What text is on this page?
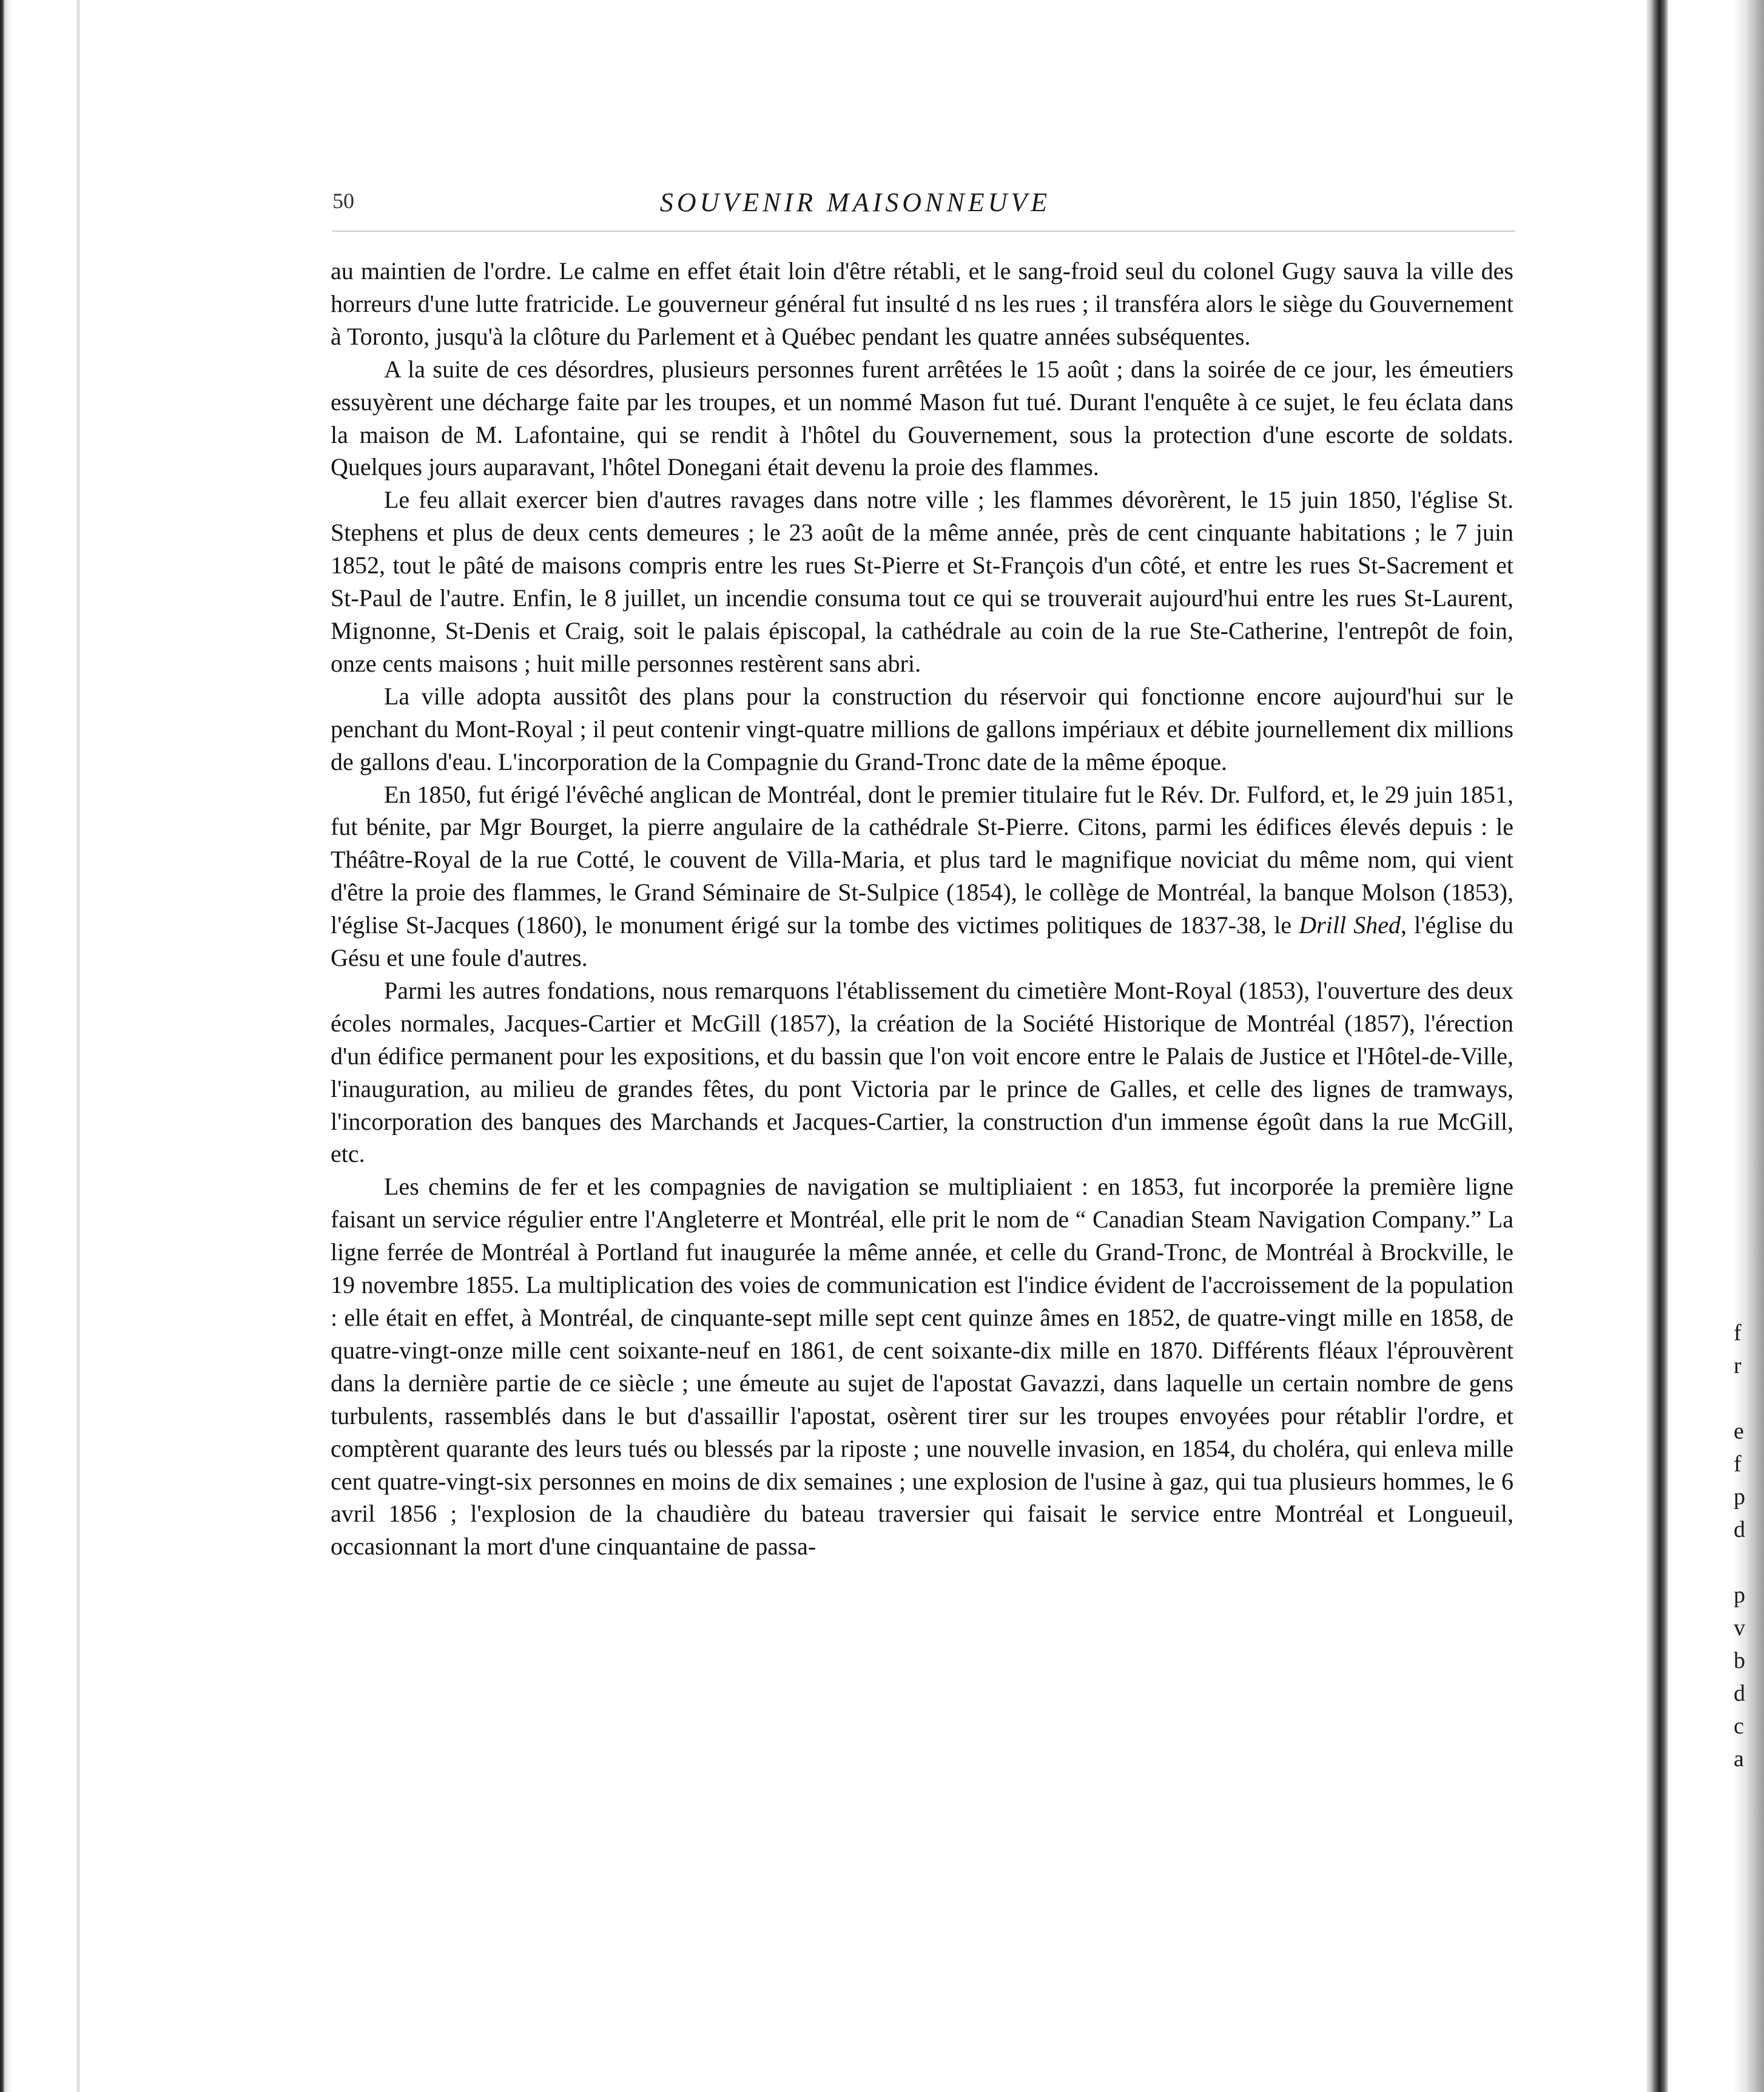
50	SOUVENIR MAISONNEUVE

au maintien de l'ordre. Le calme en effet était loin d'être rétabli, et le sang-froid seul du colonel Gugy sauva la ville des horreurs d'une lutte fratricide. Le gouverneur général fut insulté d ns les rues ; il transféra alors le siège du Gouvernement à Toronto, jusqu'à la clôture du Parlement et à Québec pendant les quatre années subséquentes.

A la suite de ces désordres, plusieurs personnes furent arrêtées le 15 août ; dans la soirée de ce jour, les émeutiers essuyèrent une décharge faite par les troupes, et un nommé Mason fut tué. Durant l'enquête à ce sujet, le feu éclata dans la maison de M. Lafontaine, qui se rendit à l'hôtel du Gouvernement, sous la protection d'une escorte de soldats. Quelques jours auparavant, l'hôtel Donegani était devenu la proie des flammes.

Le feu allait exercer bien d'autres ravages dans notre ville ; les flammes dévorèrent, le 15 juin 1850, l'église St. Stephens et plus de deux cents demeures ; le 23 août de la même année, près de cent cinquante habitations ; le 7 juin 1852, tout le pâté de maisons compris entre les rues St-Pierre et St-François d'un côté, et entre les rues St-Sacrement et St-Paul de l'autre. Enfin, le 8 juillet, un incendie consuma tout ce qui se trouverait aujourd'hui entre les rues St-Laurent, Mignonne, St-Denis et Craig, soit le palais épiscopal, la cathédrale au coin de la rue Ste-Catherine, l'entrepôt de foin, onze cents maisons ; huit mille personnes restèrent sans abri.

La ville adopta aussitôt des plans pour la construction du réservoir qui fonctionne encore aujourd'hui sur le penchant du Mont-Royal ; il peut contenir vingt-quatre millions de gallons impériaux et débite journellement dix millions de gallons d'eau. L'incorporation de la Compagnie du Grand-Tronc date de la même époque.

En 1850, fut érigé l'évêché anglican de Montréal, dont le premier titulaire fut le Rév. Dr. Fulford, et, le 29 juin 1851, fut bénite, par Mgr Bourget, la pierre angulaire de la cathédrale St-Pierre. Citons, parmi les édifices élevés depuis : le Théâtre-Royal de la rue Cotté, le couvent de Villa-Maria, et plus tard le magnifique noviciat du même nom, qui vient d'être la proie des flammes, le Grand Séminaire de St-Sulpice (1854), le collège de Montréal, la banque Molson (1853), l'église St-Jacques (1860), le monument érigé sur la tombe des victimes politiques de 1837-38, le Drill Shed, l'église du Gésu et une foule d'autres.

Parmi les autres fondations, nous remarquons l'établissement du cimetière Mont-Royal (1853), l'ouverture des deux écoles normales, Jacques-Cartier et McGill (1857), la création de la Société Historique de Montréal (1857), l'érection d'un édifice permanent pour les expositions, et du bassin que l'on voit encore entre le Palais de Justice et l'Hôtel-de-Ville, l'inauguration, au milieu de grandes fêtes, du pont Victoria par le prince de Galles, et celle des lignes de tramways, l'incorporation des banques des Marchands et Jacques-Cartier, la construction d'un immense égoût dans la rue McGill, etc.

Les chemins de fer et les compagnies de navigation se multipliaient : en 1853, fut incorporée la première ligne faisant un service régulier entre l'Angleterre et Montréal, elle prit le nom de “ Canadian Steam Navigation Company.” La ligne ferrée de Montréal à Portland fut inaugurée la même année, et celle du Grand-Tronc, de Montréal à Brockville, le 19 novembre 1855. La multiplication des voies de communication est l'indice évident de l'accroissement de la population : elle était en effet, à Montréal, de cinquante-sept mille sept cent quinze âmes en 1852, de quatre-vingt mille en 1858, de quatre-vingt-onze mille cent soixante-neuf en 1861, de cent soixante-dix mille en 1870. Différents fléaux l'éprouvèrent dans la dernière partie de ce siècle ; une émeute au sujet de l'apostat Gavazzi, dans laquelle un certain nombre de gens turbulents, rassemblés dans le but d'assaillir l'apostat, osèrent tirer sur les troupes envoyées pour rétablir l'ordre, et comptèrent quarante des leurs tués ou blessés par la riposte ; une nouvelle invasion, en 1854, du choléra, qui enleva mille cent quatre-vingt-six personnes en moins de dix semaines ; une explosion de l'usine à gaz, qui tua plusieurs hommes, le 6 avril 1856 ; l'explosion de la chaudière du bateau traversier qui faisait le service entre Montréal et Longueuil, occasionnant la mort d'une cinquantaine de passa-

f
r

e
f
p
d

p
v
b
d
c
a
